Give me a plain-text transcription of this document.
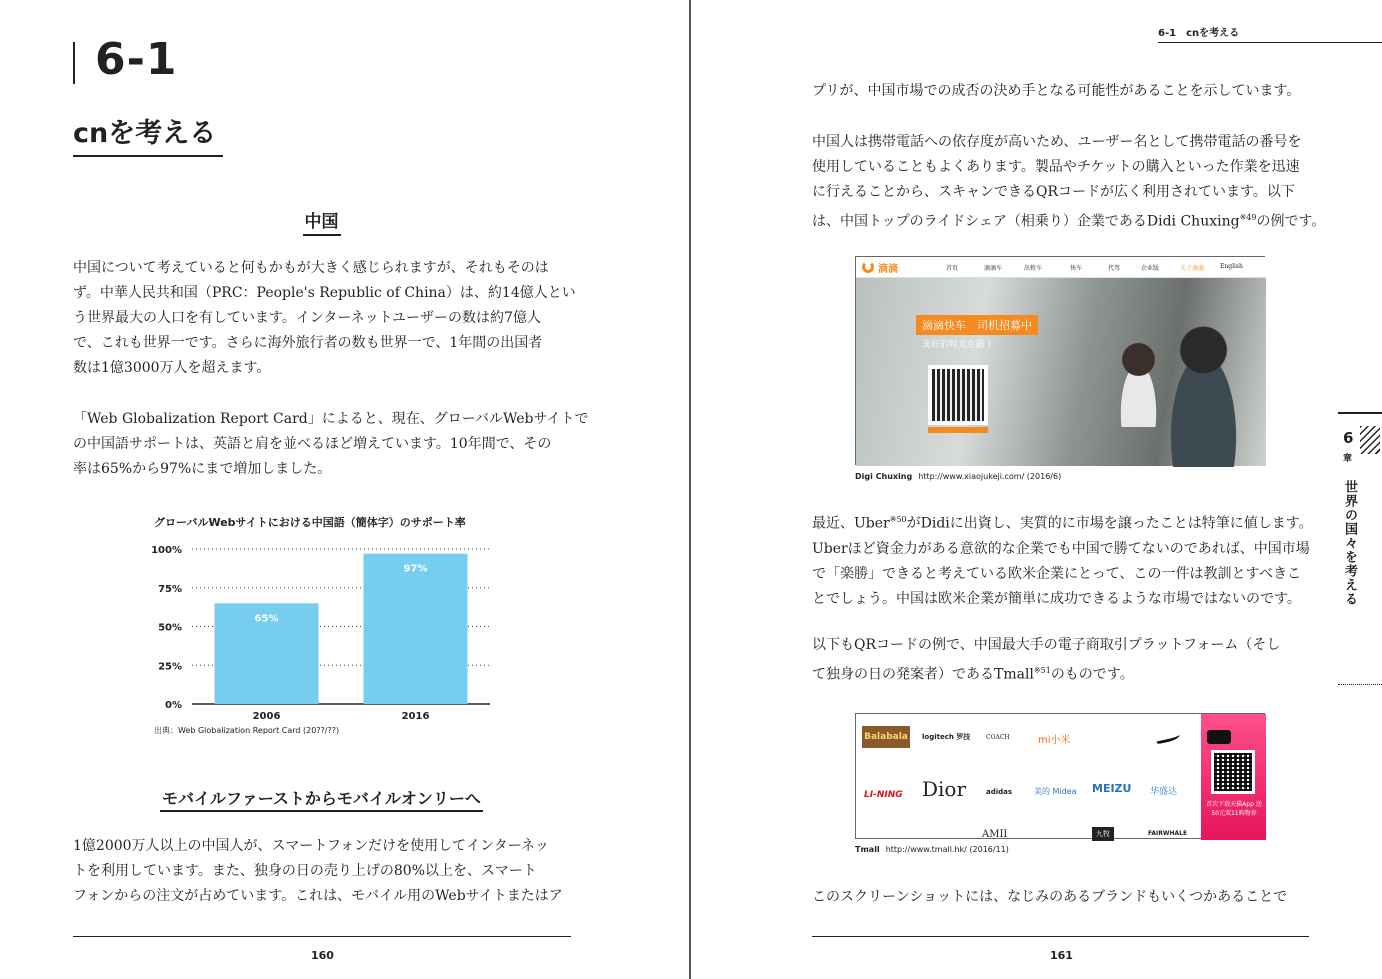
6-1
cnを考える
中国
中国について考えていると何もかもが大きく感じられますが、それもそのは
ず。中華人民共和国（PRC：People's Republic of China）は、約14億人とい
う世界最大の人口を有しています。インターネットユーザーの数は約7億人
で、これも世界一です。さらに海外旅行者の数も世界一で、1年間の出国者
数は1億3000万人を超えます。
「Web Globalization Report Card」によると、現在、グローバルWebサイトで
の中国語サポートは、英語と肩を並べるほど増えています。10年間で、その
率は65%から97%にまで増加しました。
グローバルWebサイトにおける中国語（簡体字）のサポート率
100%
75%
50%
25%
0%
65%
2006
97%
2016
出典：Web Globalization Report Card (20??/??)
モバイルファーストからモバイルオンリーへ
1億2000万人以上の中国人が、スマートフォンだけを使用してインターネッ
トを利用しています。また、独身の日の売り上げの80%以上を、スマート
フォンからの注文が占めています。これは、モバイル用のWebサイトまたはア
160
6-1　cnを考える
プリが、中国市場での成否の決め手となる可能性があることを示しています。
中国人は携帯電話への依存度が高いため、ユーザー名として携帯電話の番号を
使用していることもよくあります。製品やチケットの購入といった作業を迅速
に行えることから、スキャンできるQRコードが広く利用されています。以下
は、中国トップのライドシェア（相乗り）企業であるDidi Chuxing$^{※49}$の例です。
滴滴	首页	滴滴车	出租车	快车	代驾	企业版	关于滴滴	English
滴滴快车　司机招募中
美好的时光在路上
Digi Chuxing http://www.xiaojukeji.com/ (2016/6)
最近、Uber$^{※50}$がDidiに出資し、実質的に市場を譲ったことは特筆に値します。
Uberほど資金力がある意欲的な企業でも中国で勝てないのであれば、中国市場
で「楽勝」できると考えている欧米企業にとって、この一件は教訓とすべきこ
とでしょう。中国は欧米企業が簡単に成功できるような市場ではないのです。
以下もQRコードの例で、中国最大手の電子商取引プラットフォーム（そし
て独身の日の発案者）であるTmall$^{※51}$のものです。
Balabala	logitech 罗技	COACH	mi小米
LI-NING Dior	adidas	美的 Midea MEIZU 华盛达
AMII	九牧	FAIRWHALE
首次下载天猫App 送50元双11购物券
Tmall http://www.tmall.hk/ (2016/11)
このスクリーンショットには、なじみのあるブランドもいくつかあることで
6
章
世界の国々を考える
161
